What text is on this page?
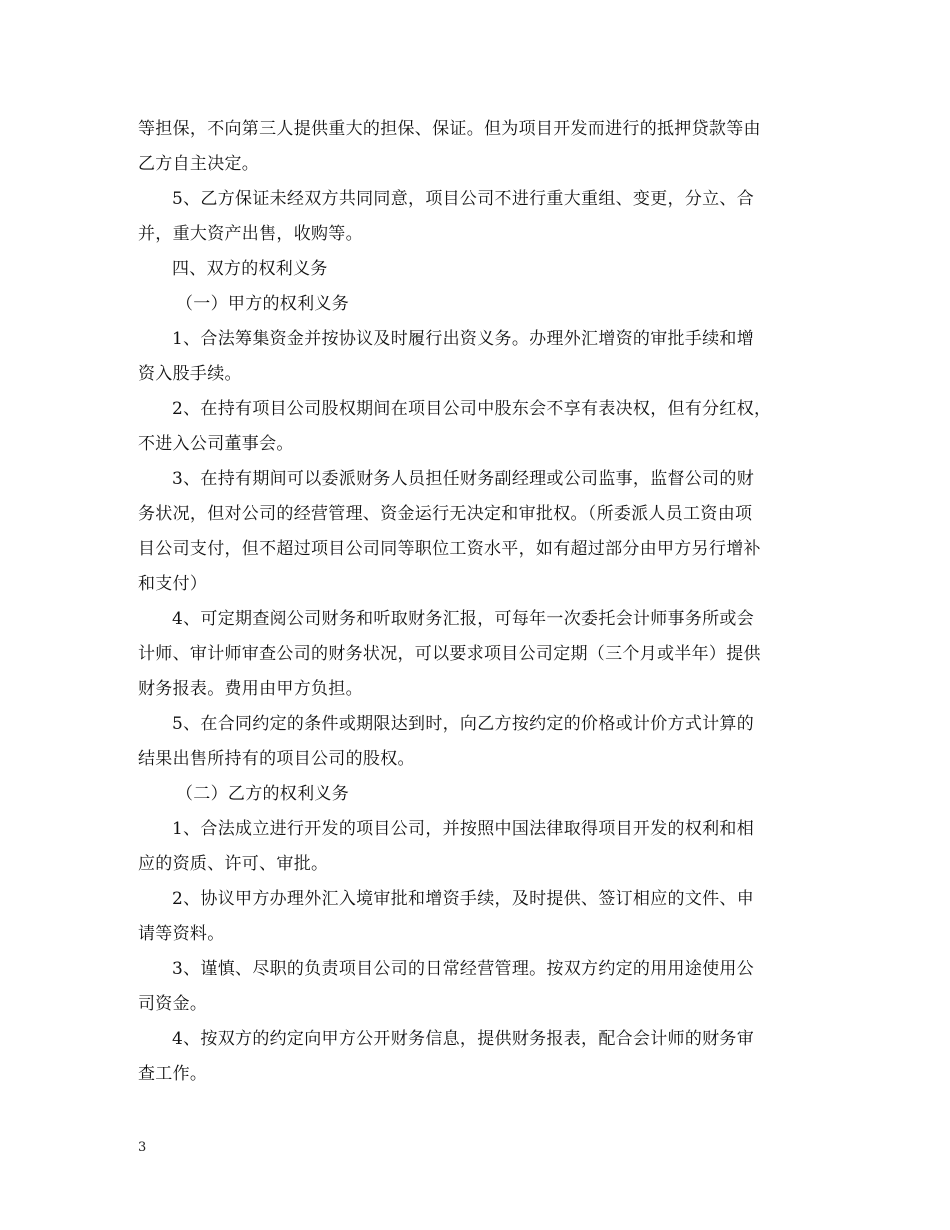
等担保，不向第三人提供重大的担保、保证。但为项目开发而进行的抵押贷款等由
乙方自主决定。

5、乙方保证未经双方共同同意，项目公司不进行重大重组、变更，分立、合
并，重大资产出售，收购等。

四、双方的权利义务

（一）甲方的权利义务

1、合法筹集资金并按协议及时履行出资义务。办理外汇增资的审批手续和增
资入股手续。

2、在持有项目公司股权期间在项目公司中股东会不享有表决权，但有分红权，
不进入公司董事会。

3、在持有期间可以委派财务人员担任财务副经理或公司监事，监督公司的财
务状况，但对公司的经营管理、资金运行无决定和审批权。（所委派人员工资由项
目公司支付，但不超过项目公司同等职位工资水平，如有超过部分由甲方另行增补
和支付）

4、可定期查阅公司财务和听取财务汇报，可每年一次委托会计师事务所或会
计师、审计师审查公司的财务状况，可以要求项目公司定期（三个月或半年）提供
财务报表。费用由甲方负担。

5、在合同约定的条件或期限达到时，向乙方按约定的价格或计价方式计算的
结果出售所持有的项目公司的股权。

（二）乙方的权利义务

1、合法成立进行开发的项目公司，并按照中国法律取得项目开发的权利和相
应的资质、许可、审批。

2、协议甲方办理外汇入境审批和增资手续，及时提供、签订相应的文件、申
请等资料。

3、谨慎、尽职的负责项目公司的日常经营管理。按双方约定的用用途使用公
司资金。

4、按双方的约定向甲方公开财务信息，提供财务报表，配合会计师的财务审
查工作。

3
